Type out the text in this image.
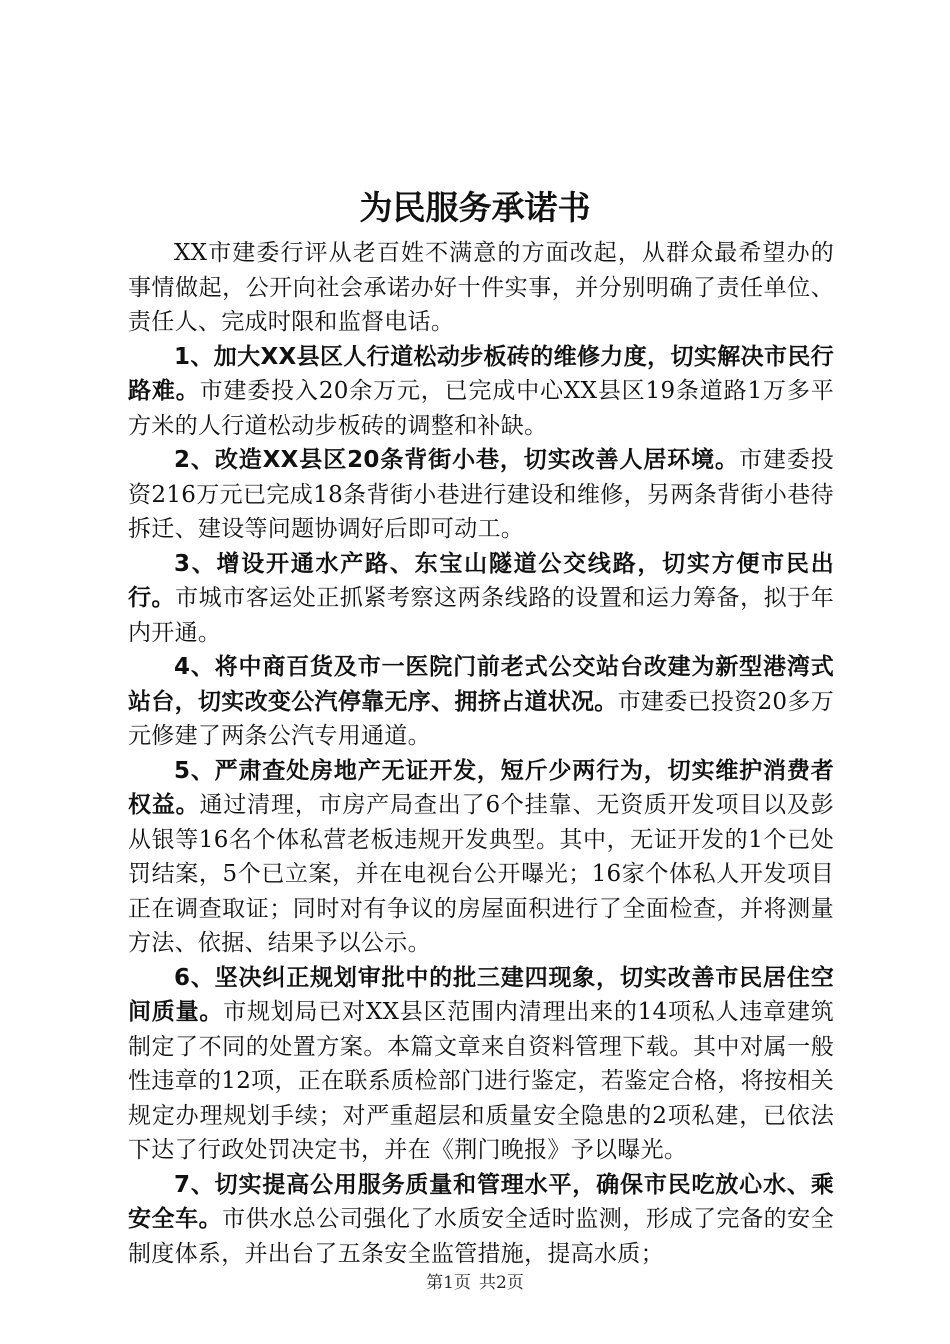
为民服务承诺书

XX市建委行评从老百姓不满意的方面改起，从群众最希望办的事情做起，公开向社会承诺办好十件实事，并分别明确了责任单位、责任人、完成时限和监督电话。

1、加大XX县区人行道松动步板砖的维修力度，切实解决市民行路难。市建委投入20余万元，已完成中心XX县区19条道路1万多平方米的人行道松动步板砖的调整和补缺。

2、改造XX县区20条背街小巷，切实改善人居环境。市建委投资216万元已完成18条背街小巷进行建设和维修，另两条背街小巷待拆迁、建设等问题协调好后即可动工。

3、增设开通水产路、东宝山隧道公交线路，切实方便市民出行。市城市客运处正抓紧考察这两条线路的设置和运力筹备，拟于年内开通。

4、将中商百货及市一医院门前老式公交站台改建为新型港湾式站台，切实改变公汽停靠无序、拥挤占道状况。市建委已投资20多万元修建了两条公汽专用通道。

5、严肃查处房地产无证开发，短斤少两行为，切实维护消费者权益。通过清理，市房产局查出了6个挂靠、无资质开发项目以及彭从银等16名个体私营老板违规开发典型。其中，无证开发的1个已处罚结案，5个已立案，并在电视台公开曝光；16家个体私人开发项目正在调查取证；同时对有争议的房屋面积进行了全面检查，并将测量方法、依据、结果予以公示。

6、坚决纠正规划审批中的批三建四现象，切实改善市民居住空间质量。市规划局已对XX县区范围内清理出来的14项私人违章建筑制定了不同的处置方案。本篇文章来自资料管理下载。其中对属一般性违章的12项，正在联系质检部门进行鉴定，若鉴定合格，将按相关规定办理规划手续；对严重超层和质量安全隐患的2项私建，已依法下达了行政处罚决定书，并在《荆门晚报》予以曝光。

7、切实提高公用服务质量和管理水平，确保市民吃放心水、乘安全车。市供水总公司强化了水质安全适时监测，形成了完备的安全制度体系，并出台了五条安全监管措施，提高水质；

第1页 共2页
